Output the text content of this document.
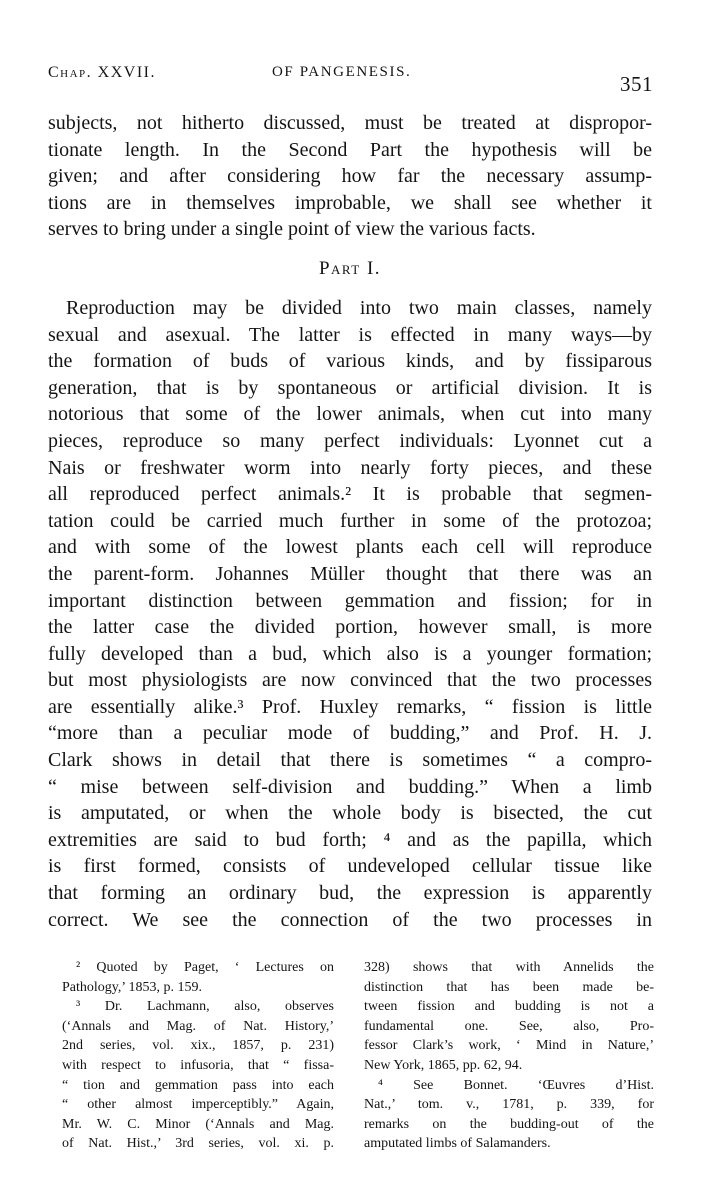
Chap. XXVII.	OF PANGENESIS.	351
subjects, not hitherto discussed, must be treated at dispropor-
tionate length. In the Second Part the hypothesis will be
given; and after considering how far the necessary assump-
tions are in themselves improbable, we shall see whether it
serves to bring under a single point of view the various facts.
Part I.
Reproduction may be divided into two main classes, namely
sexual and asexual. The latter is effected in many ways—by
the formation of buds of various kinds, and by fissiparous
generation, that is by spontaneous or artificial division. It is
notorious that some of the lower animals, when cut into many
pieces, reproduce so many perfect individuals: Lyonnet cut a
Nais or freshwater worm into nearly forty pieces, and these
all reproduced perfect animals.² It is probable that segmen-
tation could be carried much further in some of the protozoa;
and with some of the lowest plants each cell will reproduce
the parent-form. Johannes Müller thought that there was an
important distinction between gemmation and fission; for in
the latter case the divided portion, however small, is more
fully developed than a bud, which also is a younger formation;
but most physiologists are now convinced that the two processes
are essentially alike.³ Prof. Huxley remarks, “ fission is little
“more than a peculiar mode of budding,” and Prof. H. J.
Clark shows in detail that there is sometimes “ a compro-
“ mise between self-division and budding.” When a limb
is amputated, or when the whole body is bisected, the cut
extremities are said to bud forth; ⁴ and as the papilla, which
is first formed, consists of undeveloped cellular tissue like
that forming an ordinary bud, the expression is apparently
correct. We see the connection of the two processes in
² Quoted by Paget, ‘ Lectures on
Pathology,’ 1853, p. 159.
³ Dr. Lachmann, also, observes
(‘Annals and Mag. of Nat. History,’
2nd series, vol. xix., 1857, p. 231)
with respect to infusoria, that “ fissa-
“ tion and gemmation pass into each
“ other almost imperceptibly.” Again,
Mr. W. C. Minor (‘Annals and Mag.
of Nat. Hist.,’ 3rd series, vol. xi. p.
328) shows that with Annelids the
distinction that has been made be-
tween fission and budding is not a
fundamental one. See, also, Pro-
fessor Clark’s work, ‘ Mind in Nature,’
New York, 1865, pp. 62, 94.
⁴ See Bonnet. ‘Œuvres d’Hist.
Nat.,’ tom. v., 1781, p. 339, for
remarks on the budding-out of the
amputated limbs of Salamanders.
